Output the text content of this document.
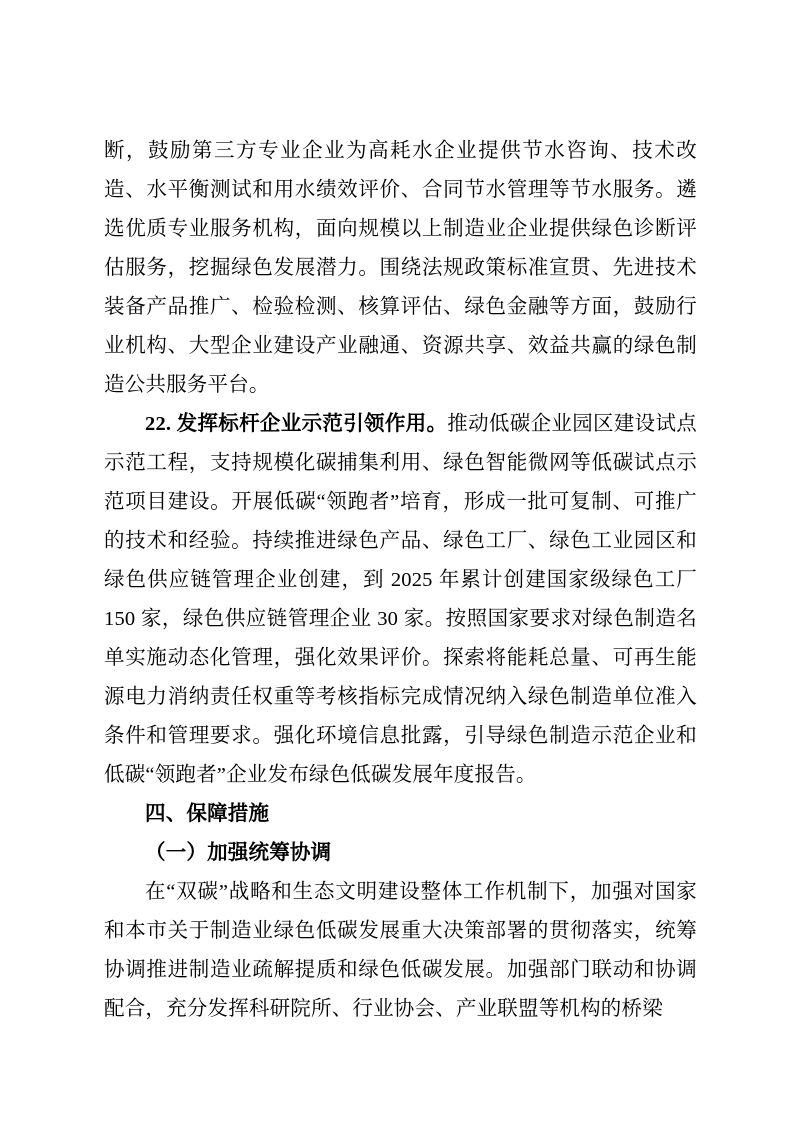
断，鼓励第三方专业企业为高耗水企业提供节水咨询、技术改造、水平衡测试和用水绩效评价、合同节水管理等节水服务。遴选优质专业服务机构，面向规模以上制造业企业提供绿色诊断评估服务，挖掘绿色发展潜力。围绕法规政策标准宣贯、先进技术装备产品推广、检验检测、核算评估、绿色金融等方面，鼓励行业机构、大型企业建设产业融通、资源共享、效益共赢的绿色制造公共服务平台。

22. 发挥标杆企业示范引领作用。推动低碳企业园区建设试点示范工程，支持规模化碳捕集利用、绿色智能微网等低碳试点示范项目建设。开展低碳“领跑者”培育，形成一批可复制、可推广的技术和经验。持续推进绿色产品、绿色工厂、绿色工业园区和绿色供应链管理企业创建，到 2025 年累计创建国家级绿色工厂 150 家，绿色供应链管理企业 30 家。按照国家要求对绿色制造名单实施动态化管理，强化效果评价。探索将能耗总量、可再生能源电力消纳责任权重等考核指标完成情况纳入绿色制造单位准入条件和管理要求。强化环境信息批露，引导绿色制造示范企业和低碳“领跑者”企业发布绿色低碳发展年度报告。

四、保障措施

（一）加强统筹协调

在“双碳”战略和生态文明建设整体工作机制下，加强对国家和本市关于制造业绿色低碳发展重大决策部署的贯彻落实，统筹协调推进制造业疏解提质和绿色低碳发展。加强部门联动和协调配合，充分发挥科研院所、行业协会、产业联盟等机构的桥梁
